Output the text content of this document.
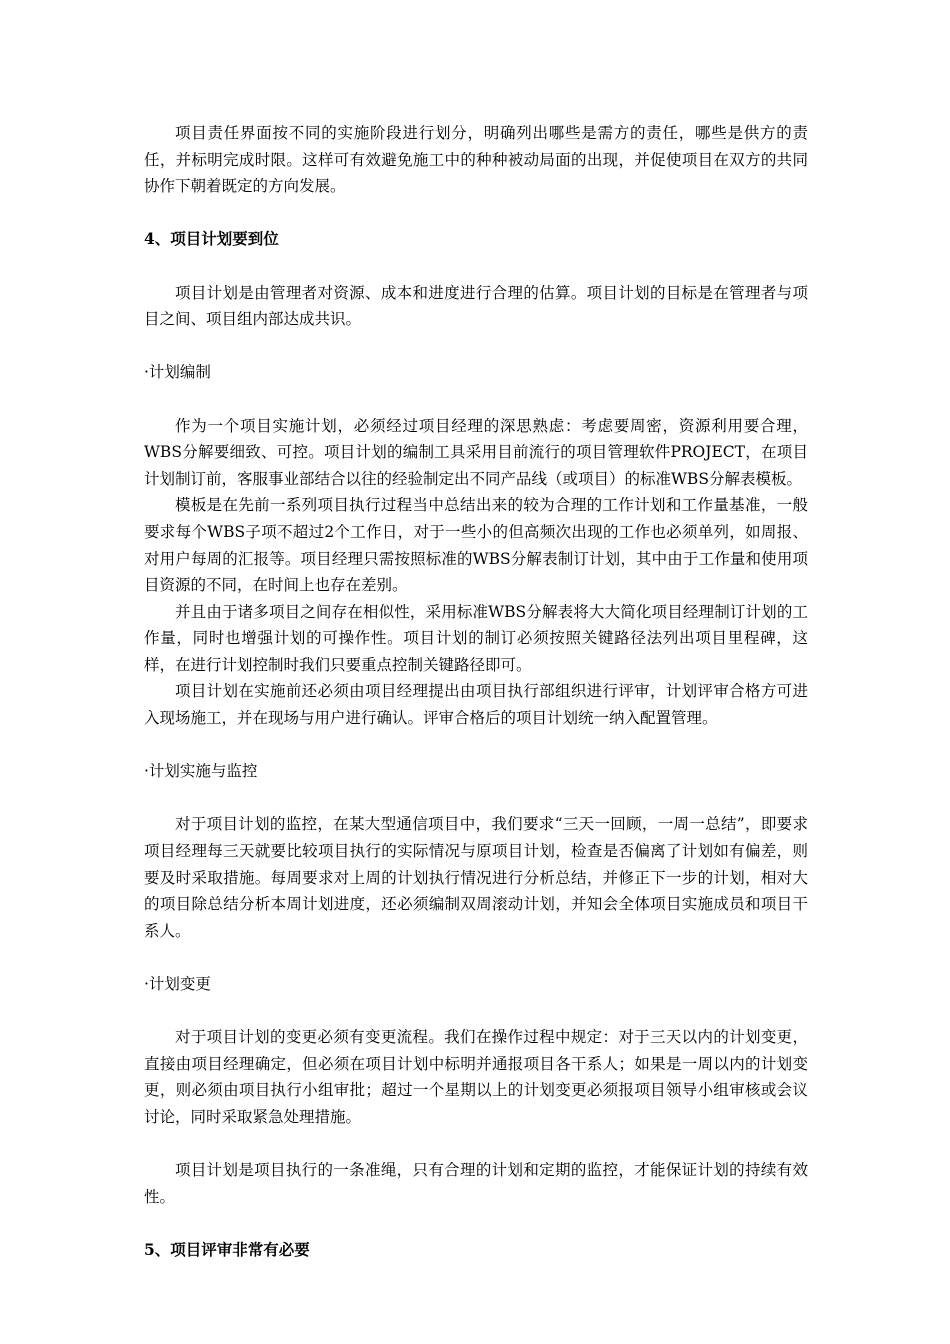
项目责任界面按不同的实施阶段进行划分，明确列出哪些是需方的责任，哪些是供方的责任，并标明完成时限。这样可有效避免施工中的种种被动局面的出现，并促使项目在双方的共同协作下朝着既定的方向发展。

4、项目计划要到位

项目计划是由管理者对资源、成本和进度进行合理的估算。项目计划的目标是在管理者与项目之间、项目组内部达成共识。

·计划编制

作为一个项目实施计划，必须经过项目经理的深思熟虑：考虑要周密，资源利用要合理，WBS分解要细致、可控。项目计划的编制工具采用目前流行的项目管理软件PROJECT，在项目计划制订前，客服事业部结合以往的经验制定出不同产品线（或项目）的标准WBS分解表模板。

模板是在先前一系列项目执行过程当中总结出来的较为合理的工作计划和工作量基准，一般要求每个WBS子项不超过2个工作日，对于一些小的但高频次出现的工作也必须单列，如周报、对用户每周的汇报等。项目经理只需按照标准的WBS分解表制订计划，其中由于工作量和使用项目资源的不同，在时间上也存在差别。

并且由于诸多项目之间存在相似性，采用标准WBS分解表将大大简化项目经理制订计划的工作量，同时也增强计划的可操作性。项目计划的制订必须按照关键路径法列出项目里程碑，这样，在进行计划控制时我们只要重点控制关键路径即可。

项目计划在实施前还必须由项目经理提出由项目执行部组织进行评审，计划评审合格方可进入现场施工，并在现场与用户进行确认。评审合格后的项目计划统一纳入配置管理。

·计划实施与监控

对于项目计划的监控，在某大型通信项目中，我们要求“三天一回顾，一周一总结”，即要求项目经理每三天就要比较项目执行的实际情况与原项目计划，检查是否偏离了计划如有偏差，则要及时采取措施。每周要求对上周的计划执行情况进行分析总结，并修正下一步的计划，相对大的项目除总结分析本周计划进度，还必须编制双周滚动计划，并知会全体项目实施成员和项目干系人。

·计划变更

对于项目计划的变更必须有变更流程。我们在操作过程中规定：对于三天以内的计划变更，直接由项目经理确定，但必须在项目计划中标明并通报项目各干系人；如果是一周以内的计划变更，则必须由项目执行小组审批；超过一个星期以上的计划变更必须报项目领导小组审核或会议讨论，同时采取紧急处理措施。

项目计划是项目执行的一条准绳，只有合理的计划和定期的监控，才能保证计划的持续有效性。

5、项目评审非常有必要
